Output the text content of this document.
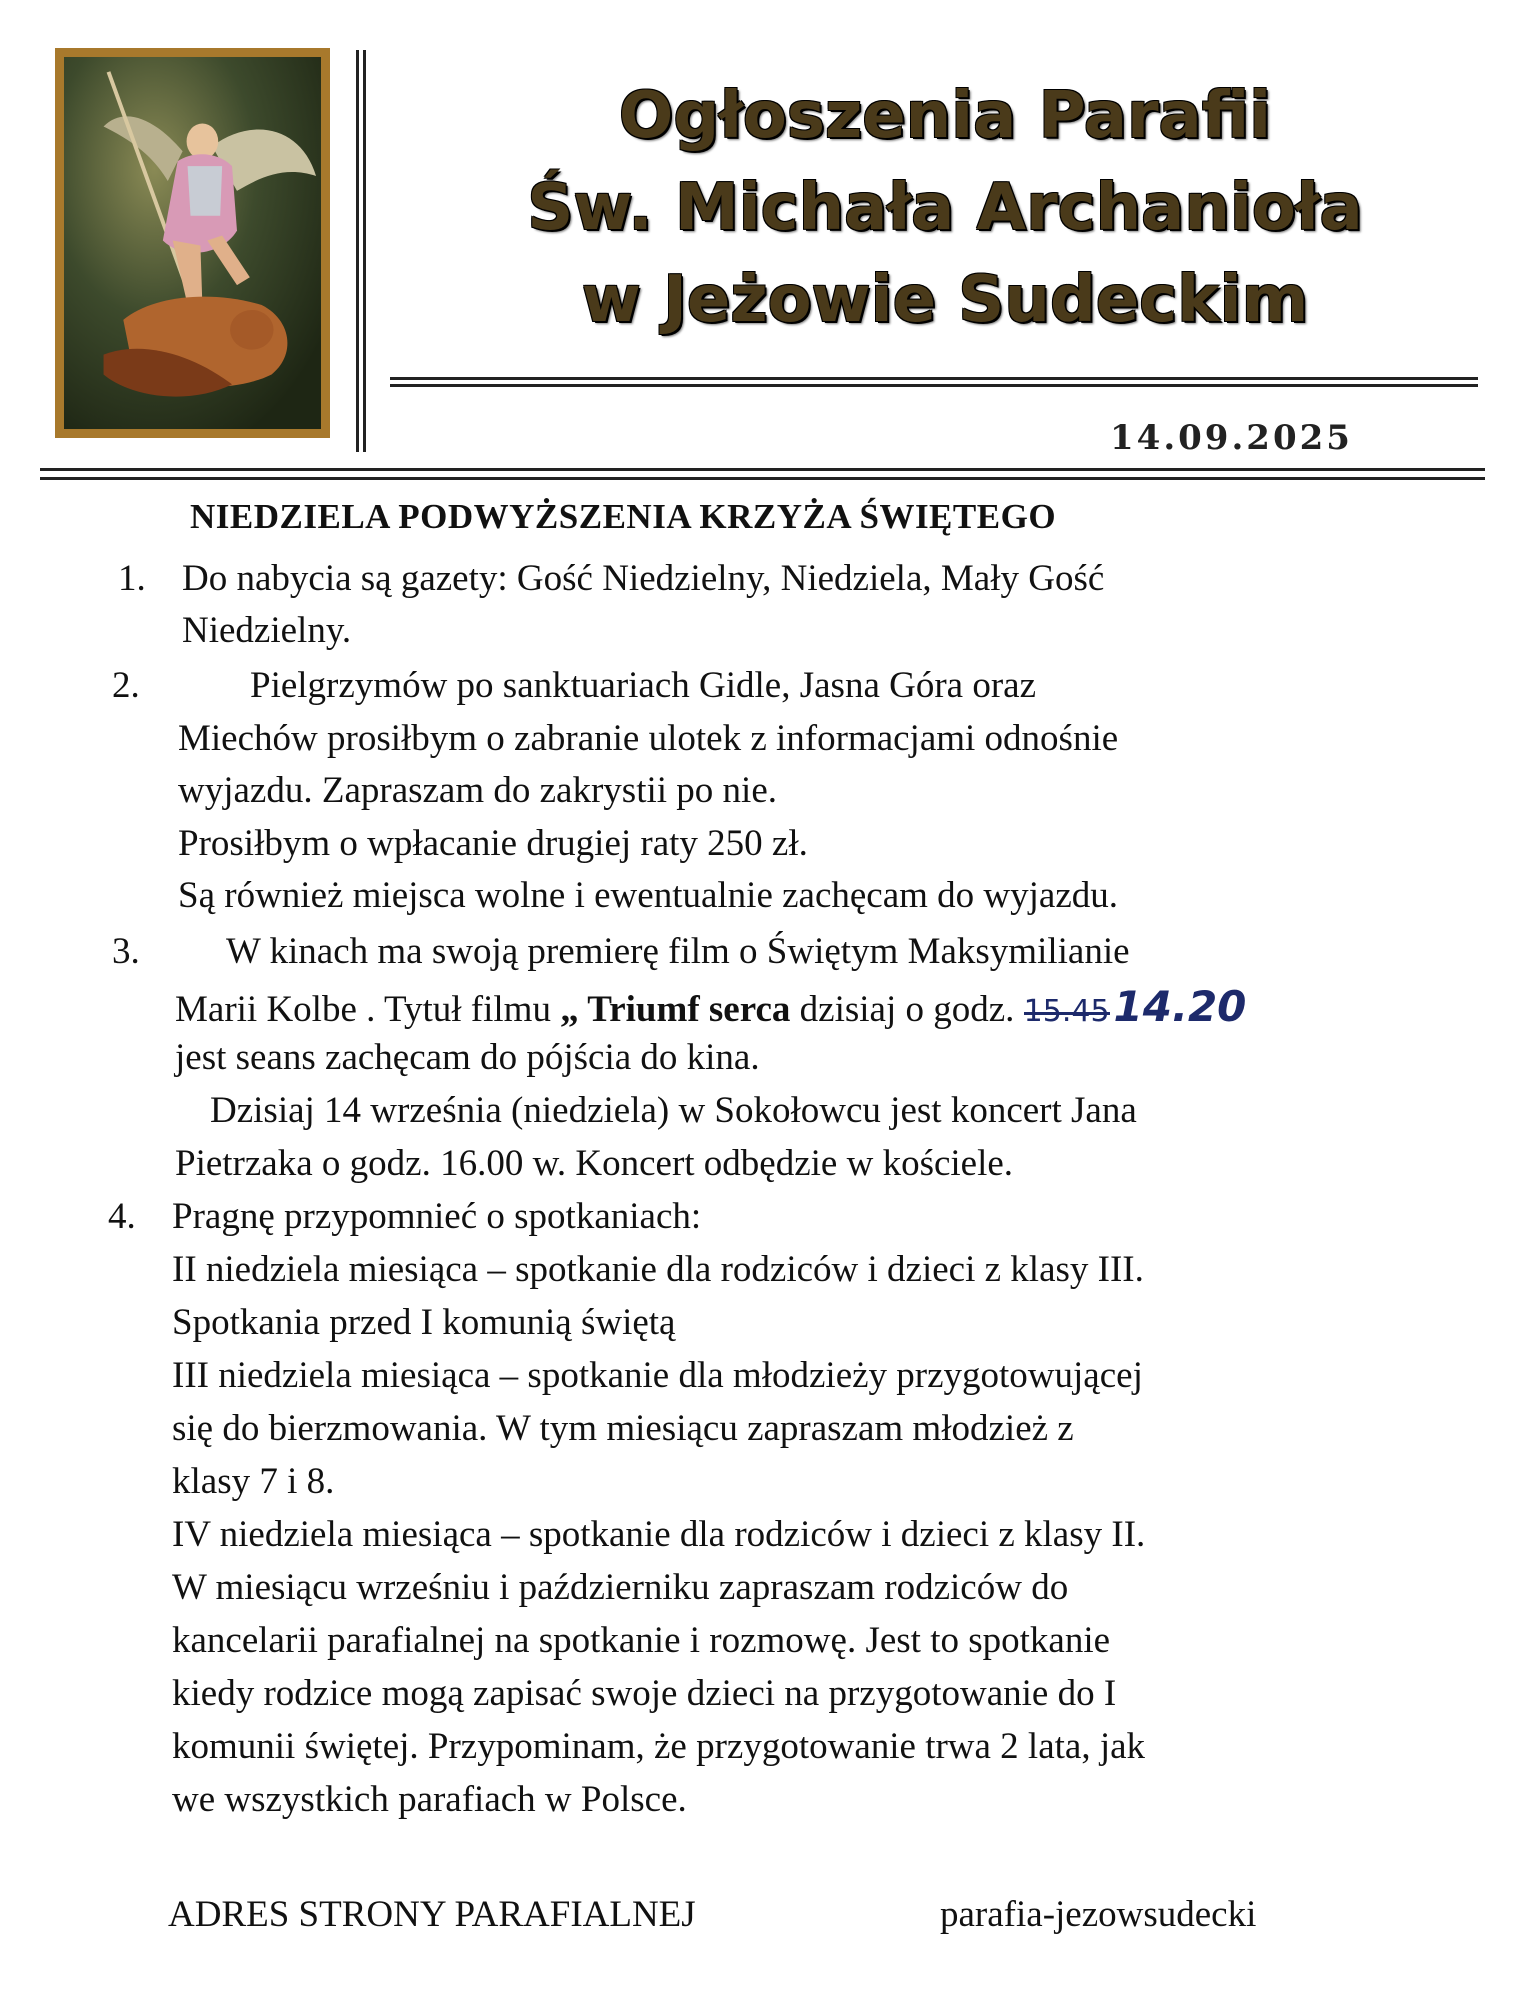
Ogłoszenia Parafii
Św. Michała Archanioła
w Jeżowie Sudeckim
14.09.2025
NIEDZIELA PODWYŻSZENIA KRZYŻA ŚWIĘTEGO
1. Do nabycia są gazety: Gość Niedzielny, Niedziela, Mały Gość
Niedzielny.
2.	Pielgrzymów po sanktuariach Gidle, Jasna Góra oraz
Miechów prosiłbym o zabranie ulotek z informacjami odnośnie
wyjazdu. Zapraszam do zakrystii po nie.
Prosiłbym o wpłacanie drugiej raty 250 zł.
Są również miejsca wolne i ewentualnie zachęcam do wyjazdu.
3. W kinach ma swoją premierę film o Świętym Maksymilianie
Marii Kolbe . Tytuł filmu „ Triumf serca dzisiaj o godz. 15.4514.20
jest seans zachęcam do pójścia do kina.
Dzisiaj 14 września (niedziela) w Sokołowcu jest koncert Jana
Pietrzaka o godz. 16.00 w. Koncert odbędzie w kościele.
4. Pragnę przypomnieć o spotkaniach:
II niedziela miesiąca – spotkanie dla rodziców i dzieci z klasy III.
Spotkania przed I komunią świętą
III niedziela miesiąca – spotkanie dla młodzieży przygotowującej
się do bierzmowania. W tym miesiącu zapraszam młodzież z
klasy 7 i 8.
IV niedziela miesiąca – spotkanie dla rodziców i dzieci z klasy II.
W miesiącu wrześniu i październiku zapraszam rodziców do
kancelarii parafialnej na spotkanie i rozmowę. Jest to spotkanie
kiedy rodzice mogą zapisać swoje dzieci na przygotowanie do I
komunii świętej. Przypominam, że przygotowanie trwa 2 lata, jak
we wszystkich parafiach w Polsce.
ADRES STRONY PARAFIALNEJ	parafia-jezowsudecki
